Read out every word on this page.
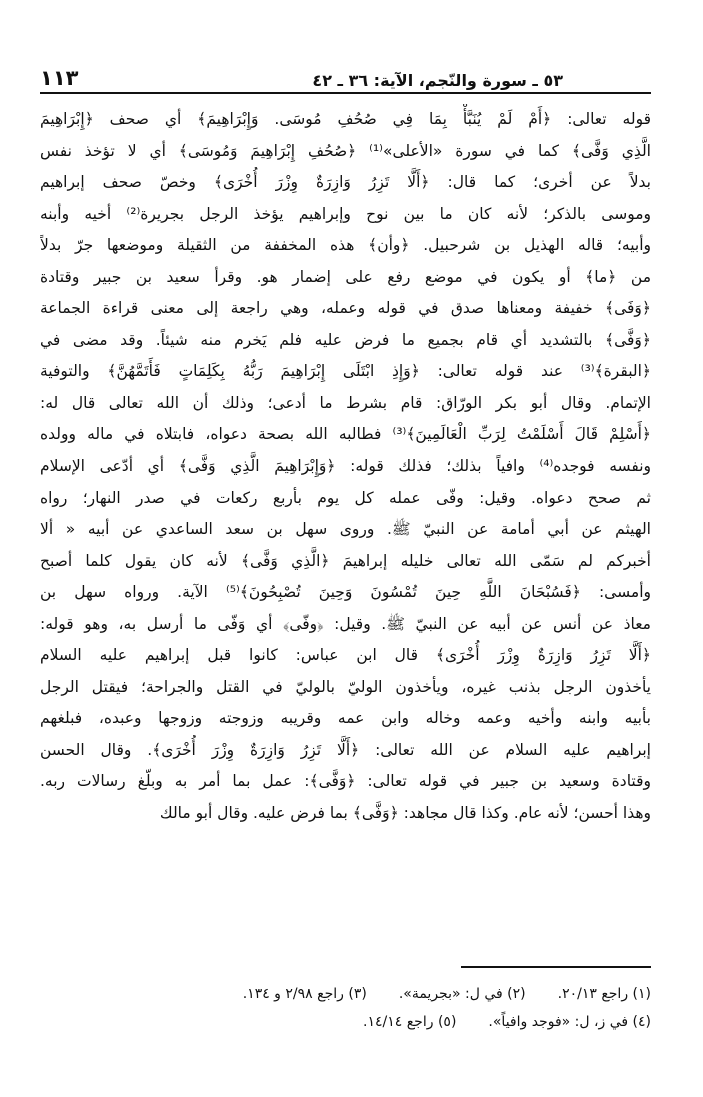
١١٣	٥٣ ـ سورة والنّجم، الآية: ٣٦ ـ ٤٢
قوله تعالى: ﴿أَمْ لَمْ يُنَبَّأْ بِمَا فِي صُحُفِ مُوسَى. وَإِبْرَاهِيمَ﴾ أي صحف ﴿إِبْرَاهِيمَ
الَّذِي وَفَّى﴾ كما في سورة «الأعلى»⁽¹⁾ ﴿صُحُفِ إِبْرَاهِيمَ وَمُوسَى﴾ أي لا تؤخذ نفس
بدلاً عن أخرى؛ كما قال: ﴿أَلَّا تَزِرُ وَازِرَةٌ وِزْرَ أُخْرَى﴾ وخصّ صحف إبراهيم
وموسى بالذكر؛ لأنه كان ما بين نوح وإبراهيم يؤخذ الرجل بجريرة⁽²⁾ أخيه وأبنه
وأبيه؛ قاله الهذيل بن شرحبيل. ﴿وأن﴾ هذه المخففة من الثقيلة وموضعها جرّ بدلاً
من ﴿ما﴾ أو يكون في موضع رفع على إضمار هو. وقرأ سعيد بن جبير وقتادة
﴿وَفَى﴾ خفيفة ومعناها صدق في قوله وعمله، وهي راجعة إلى معنى قراءة الجماعة
﴿وَفَّى﴾ بالتشديد أي قام بجميع ما فرض عليه فلم يَخرم منه شيئاً. وقد مضى في
﴿البقرة﴾⁽³⁾ عند قوله تعالى: ﴿وَإِذِ ابْتَلَى إِبْرَاهِيمَ رَبُّهُ بِكَلِمَاتٍ فَأَتَمَّهُنَّ﴾ والتوفية
الإتمام. وقال أبو بكر الورّاق: قام بشرط ما أدعى؛ وذلك أن الله تعالى قال له:
﴿أَسْلِمْ قَالَ أَسْلَمْتُ لِرَبِّ الْعَالَمِينَ﴾⁽³⁾ فطالبه الله بصحة دعواه، فابتلاه في ماله وولده
ونفسه فوجده⁽⁴⁾ وافياً بذلك؛ فذلك قوله: ﴿وَإِبْرَاهِيمَ الَّذِي وَفَّى﴾ أي أدّعى الإسلام
ثم صحح دعواه. وقيل: وفّى عمله كل يوم بأربع ركعات في صدر النهار؛ رواه
الهيثم عن أبي أمامة عن النبيّ ﷺ. وروى سهل بن سعد الساعدي عن أبيه « ألا
أخبركم لم سَمّى الله تعالى خليله إبراهيمَ ﴿الَّذِي وَفَّى﴾ لأنه كان يقول كلما أصبح
وأمسى: ﴿فَسُبْحَانَ اللَّهِ حِينَ تُمْسُونَ وَحِينَ تُصْبِحُونَ﴾⁽⁵⁾ الآية. ورواه سهل بن
معاذ عن أنس عن أبيه عن النبيّ ﷺ. وقيل: ﴿وفّى﴾ أي وَفّى ما أرسل به، وهو قوله:
﴿أَلَّا تَزِرُ وَازِرَةٌ وِزْرَ أُخْرَى﴾ قال ابن عباس: كانوا قبل إبراهيم عليه السلام
يأخذون الرجل بذنب غيره، ويأخذون الوليّ بالوليّ في القتل والجراحة؛ فيقتل الرجل
بأبيه وابنه وأخيه وعمه وخاله وابن عمه وقريبه وزوجته وزوجها وعبده، فبلغهم
إبراهيم عليه السلام عن الله تعالى: ﴿أَلَّا تَزِرُ وَازِرَةٌ وِزْرَ أُخْرَى﴾. وقال الحسن
وقتادة وسعيد بن جبير في قوله تعالى: ﴿وَفَّى﴾: عمل بما أمر به وبلّغ رسالات ربه.
وهذا أحسن؛ لأنه عام. وكذا قال مجاهد: ﴿وَفَّى﴾ بما فرض عليه. وقال أبو مالك
(١) راجع ٢٠/١٣.
(٢) في ل: «بجريمة».
(٣) راجع ٢/٩٨ و ١٣٤.
(٤) في ز، ل: «فوجد وافياً».
(٥) راجع ١٤/١٤.
